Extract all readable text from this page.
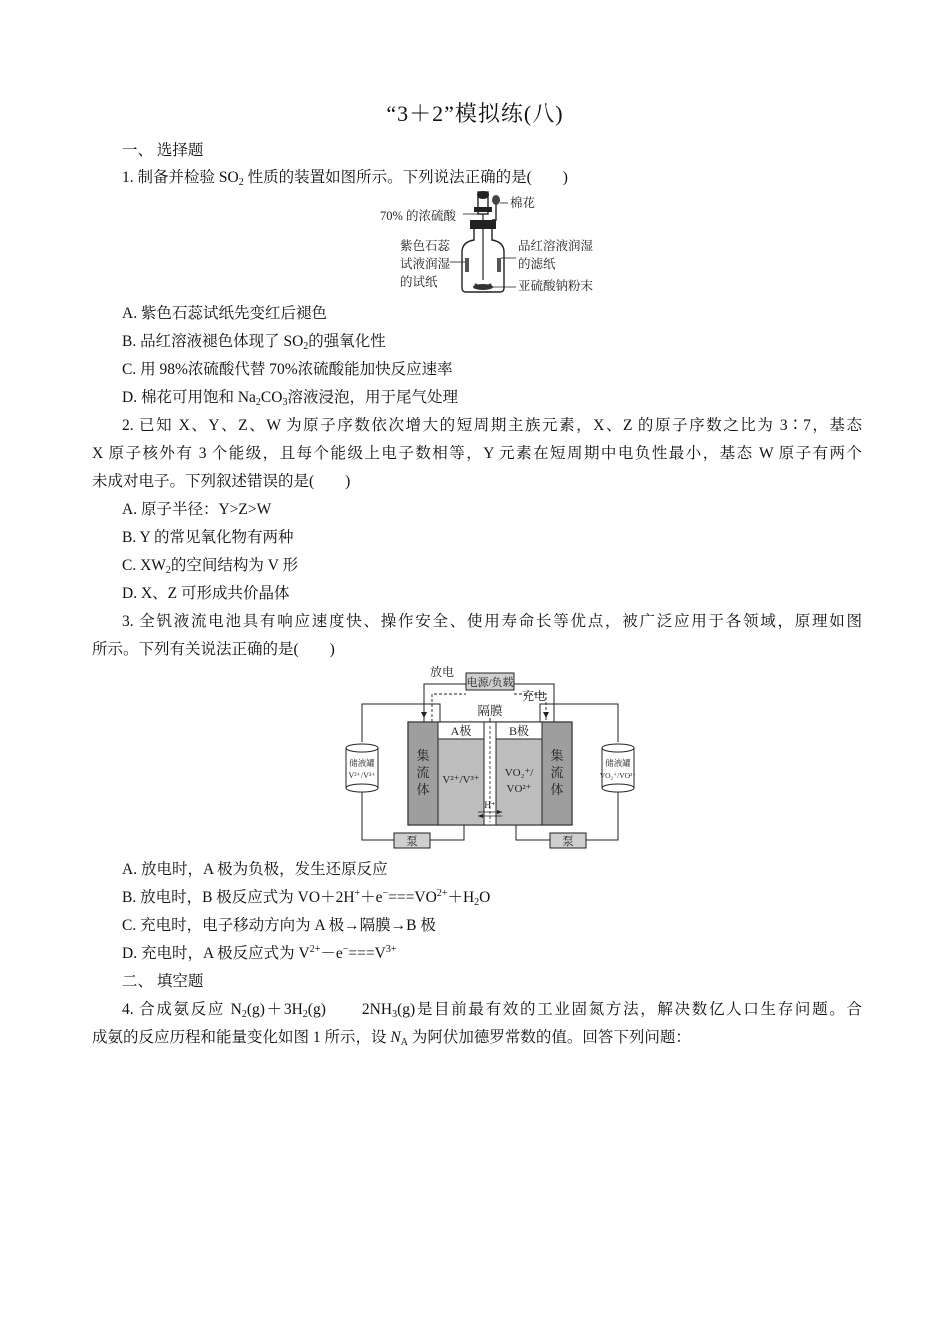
“3＋2”模拟练(八)
一、 选择题
1. 制备并检验 $SO_2$ 性质的装置如图所示。下列说法正确的是(　　)
70% 的浓硫酸
棉花
紫色石蕊
试液润湿
的试纸
品红溶液润湿
的滤纸
亚硫酸钠粉末
A. 紫色石蕊试纸先变红后褪色
B. 品红溶液褪色体现了 $SO_2$的强氧化性
C. 用 98%浓硫酸代替 70%浓硫酸能加快反应速率
D. 棉花可用饱和 $Na_2CO_3$溶液浸泡，用于尾气处理
2. 已知 X、Y、Z、W 为原子序数依次增大的短周期主族元素，X、Z 的原子序数之比为 3∶7，基态
X 原子核外有 3 个能级，且每个能级上电子数相等，Y 元素在短周期中电负性最小，基态 W 原子有两个
未成对电子。下列叙述错误的是(　　)
A. 原子半径：Y>Z>W
B. Y 的常见氧化物有两种
C. $XW_2$的空间结构为 V 形
D. X、Z 可形成共价晶体
3. 全钒液流电池具有响应速度快、操作安全、使用寿命长等优点，被广泛应用于各领域，原理如图
所示。下列有关说法正确的是(　　)
电源/负载
放电
充电
隔膜
A极	B极
集
流
体
集
流
体
V²⁺/V³⁺
VO₂⁺/
VO²⁺
H⁺
储液罐
V²⁺/V³⁺
储液罐
VO₂⁺/VO²⁺
泵	泵
A. 放电时，A 极为负极，发生还原反应
B. 放电时，B 极反应式为 $VO+2H^++e^-===VO^{2+}+H_2O$
C. 充电时，电子移动方向为 A 极→隔膜→B 极
D. 充电时，A 极反应式为 $V^{2+}-e^-===V^{3+}$
二、 填空题
4. 合成氨反应 $N_2(g)+3H_2(g)$　　$2NH_3(g)$是目前最有效的工业固氮方法，解决数亿人口生存问题。合
成氨的反应历程和能量变化如图 1 所示，设 $N_A$ 为阿伏加德罗常数的值。回答下列问题：
